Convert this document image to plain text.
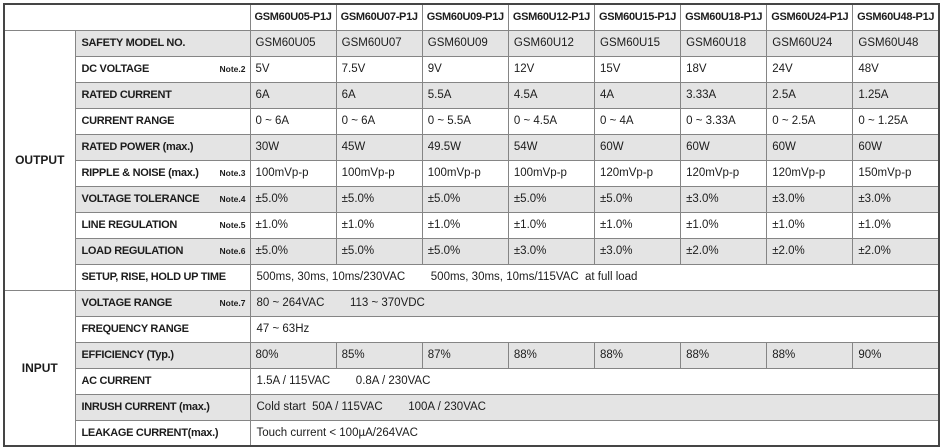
		GSM60U05-P1J	GSM60U07-P1J	GSM60U09-P1J	GSM60U12-P1J	GSM60U15-P1J	GSM60U18-P1J	GSM60U24-P1J	GSM60U48-P1J
OUTPUT	SAFETY MODEL NO.	GSM60U05	GSM60U07	GSM60U09	GSM60U12	GSM60U15	GSM60U18	GSM60U24	GSM60U48

	DC VOLTAGE Note.2	5V	7.5V	9V	12V	15V	18V	24V	48V

	RATED CURRENT	6A	6A	5.5A	4.5A	4A	3.33A	2.5A	1.25A

	CURRENT RANGE	0 ~ 6A	0 ~ 6A	0 ~ 5.5A	0 ~ 4.5A	0 ~ 4A	0 ~ 3.33A	0 ~ 2.5A	0 ~ 1.25A

	RATED POWER (max.)	30W	45W	49.5W	54W	60W	60W	60W	60W

	RIPPLE & NOISE (max.) Note.3	100mVp-p	100mVp-p	100mVp-p	100mVp-p	120mVp-p	120mVp-p	120mVp-p	150mVp-p

	VOLTAGE TOLERANCE Note.4	±5.0%	±5.0%	±5.0%	±5.0%	±5.0%	±3.0%	±3.0%	±3.0%

	LINE REGULATION Note.5	±1.0%	±1.0%	±1.0%	±1.0%	±1.0%	±1.0%	±1.0%	±1.0%

	LOAD REGULATION Note.6	±5.0%	±5.0%	±5.0%	±3.0%	±3.0%	±2.0%	±2.0%	±2.0%

	SETUP, RISE, HOLD UP TIME	500ms, 30ms, 10ms/230VAC        500ms, 30ms, 10ms/115VAC  at full load							
INPUT	VOLTAGE RANGE Note.7	80 ~ 264VAC        113 ~ 370VDC							

	FREQUENCY RANGE	47 ~ 63Hz							

	EFFICIENCY (Typ.)	80%	85%	87%	88%	88%	88%	88%	90%

	AC CURRENT	1.5A / 115VAC        0.8A / 230VAC							

	INRUSH CURRENT (max.)	Cold start  50A / 115VAC        100A / 230VAC							

	LEAKAGE CURRENT(max.)	Touch current < 100µA/264VAC							
